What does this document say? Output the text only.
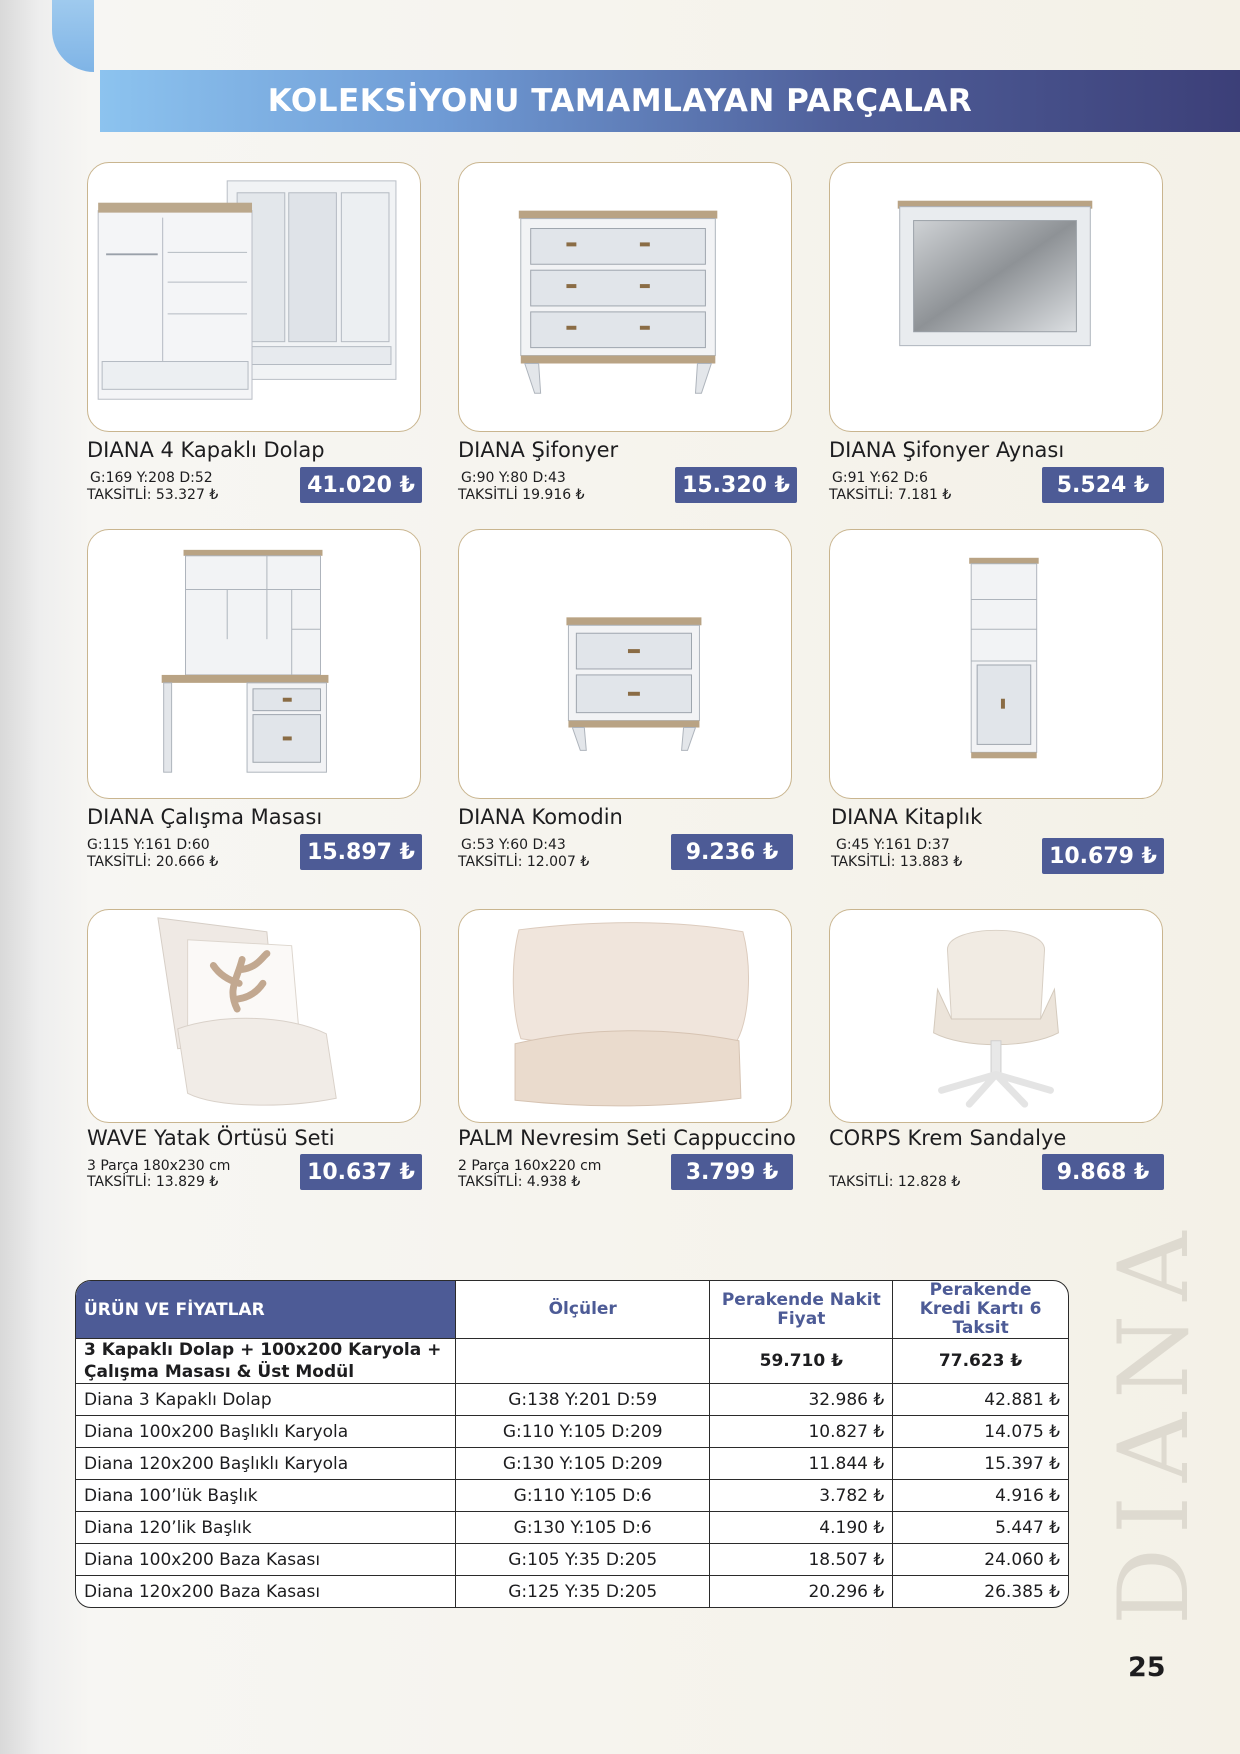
KOLEKSİYONU TAMAMLAYAN PARÇALAR
DIANA 4 Kapaklı Dolap
G:169 Y:208 D:52
TAKSİTLİ: 53.327 ₺	41.020 ₺
DIANA Şifonyer
G:90 Y:80 D:43
TAKSİTLİ 19.916 ₺	15.320 ₺
DIANA Şifonyer Aynası
G:91 Y:62 D:6
TAKSİTLİ: 7.181 ₺	5.524 ₺
DIANA Çalışma Masası
G:115 Y:161 D:60
TAKSİTLİ: 20.666 ₺	15.897 ₺
DIANA Komodin
G:53 Y:60 D:43
TAKSİTLİ: 12.007 ₺	9.236 ₺
DIANA Kitaplık
G:45 Y:161 D:37
TAKSİTLİ: 13.883 ₺	10.679 ₺
WAVE Yatak Örtüsü Seti
3 Parça 180x230 cm
TAKSİTLİ: 13.829 ₺	10.637 ₺
PALM Nevresim Seti Cappuccino
2 Parça 160x220 cm
TAKSİTLİ: 4.938 ₺	3.799 ₺
CORPS Krem Sandalye
TAKSİTLİ: 12.828 ₺	9.868 ₺
ÜRÜN VE FİYATLAR	Ölçüler	Perakende Nakit Fiyat	Perakende Kredi Kartı 6 Taksit
3 Kapaklı Dolap + 100x200 Karyola + Çalışma Masası & Üst Modül		59.710 ₺	77.623 ₺
Diana 3 Kapaklı Dolap	G:138 Y:201 D:59	32.986 ₺	42.881 ₺
Diana 100x200 Başlıklı Karyola	G:110 Y:105 D:209	10.827 ₺	14.075 ₺
Diana 120x200 Başlıklı Karyola	G:130 Y:105 D:209	11.844 ₺	15.397 ₺
Diana 100’lük Başlık	G:110 Y:105 D:6	3.782 ₺	4.916 ₺
Diana 120’lik Başlık	G:130 Y:105 D:6	4.190 ₺	5.447 ₺
Diana 100x200 Baza Kasası	G:105 Y:35 D:205	18.507 ₺	24.060 ₺
Diana 120x200 Baza Kasası	G:125 Y:35 D:205	20.296 ₺	26.385 ₺ DIANA
25
